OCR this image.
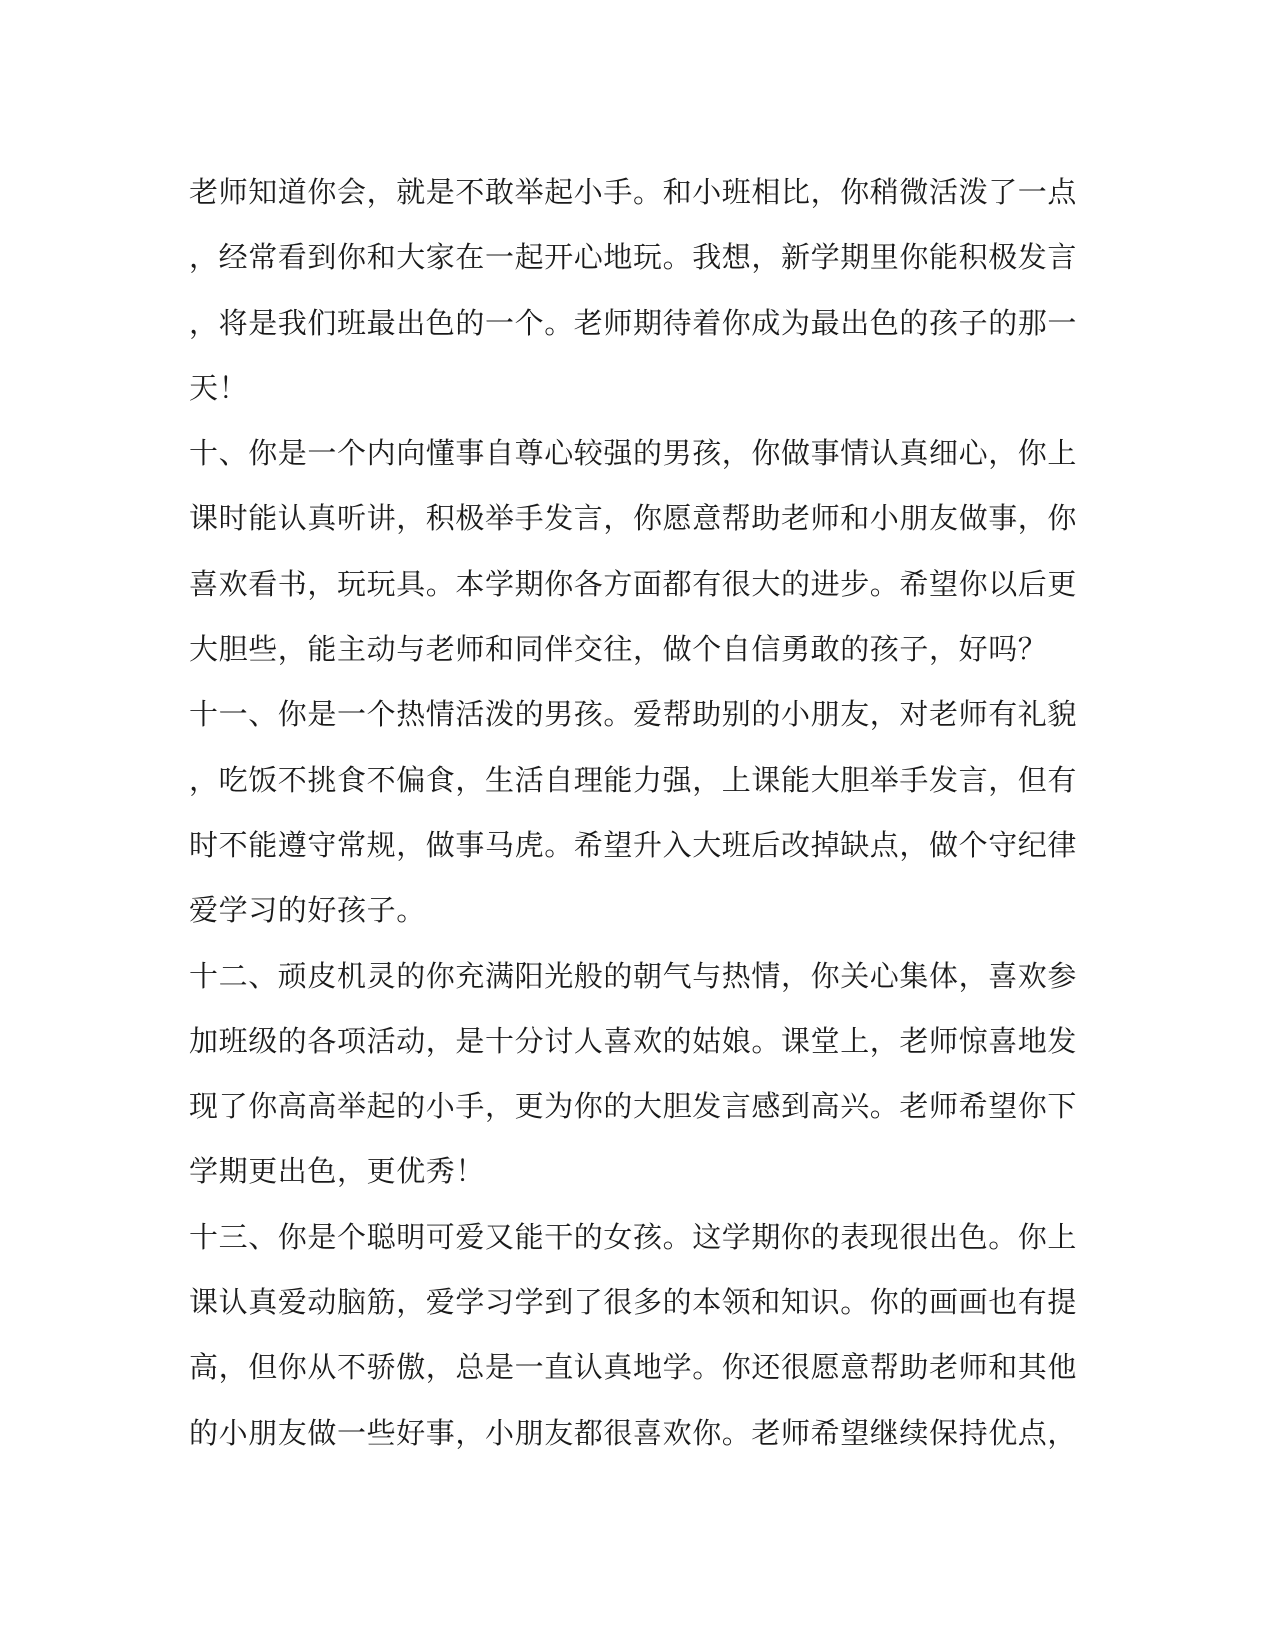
老师知道你会，就是不敢举起小手。和小班相比，你稍微活泼了一点
，经常看到你和大家在一起开心地玩。我想，新学期里你能积极发言
，将是我们班最出色的一个。老师期待着你成为最出色的孩子的那一
天！
十、你是一个内向懂事自尊心较强的男孩，你做事情认真细心，你上
课时能认真听讲，积极举手发言，你愿意帮助老师和小朋友做事，你
喜欢看书，玩玩具。本学期你各方面都有很大的进步。希望你以后更
大胆些，能主动与老师和同伴交往，做个自信勇敢的孩子，好吗？
十一、你是一个热情活泼的男孩。爱帮助别的小朋友，对老师有礼貌
，吃饭不挑食不偏食，生活自理能力强，上课能大胆举手发言，但有
时不能遵守常规，做事马虎。希望升入大班后改掉缺点，做个守纪律
爱学习的好孩子。
十二、顽皮机灵的你充满阳光般的朝气与热情，你关心集体，喜欢参
加班级的各项活动，是十分讨人喜欢的姑娘。课堂上，老师惊喜地发
现了你高高举起的小手，更为你的大胆发言感到高兴。老师希望你下
学期更出色，更优秀！
十三、你是个聪明可爱又能干的女孩。这学期你的表现很出色。你上
课认真爱动脑筋，爱学习学到了很多的本领和知识。你的画画也有提
高，但你从不骄傲，总是一直认真地学。你还很愿意帮助老师和其他
的小朋友做一些好事，小朋友都很喜欢你。老师希望继续保持优点，
